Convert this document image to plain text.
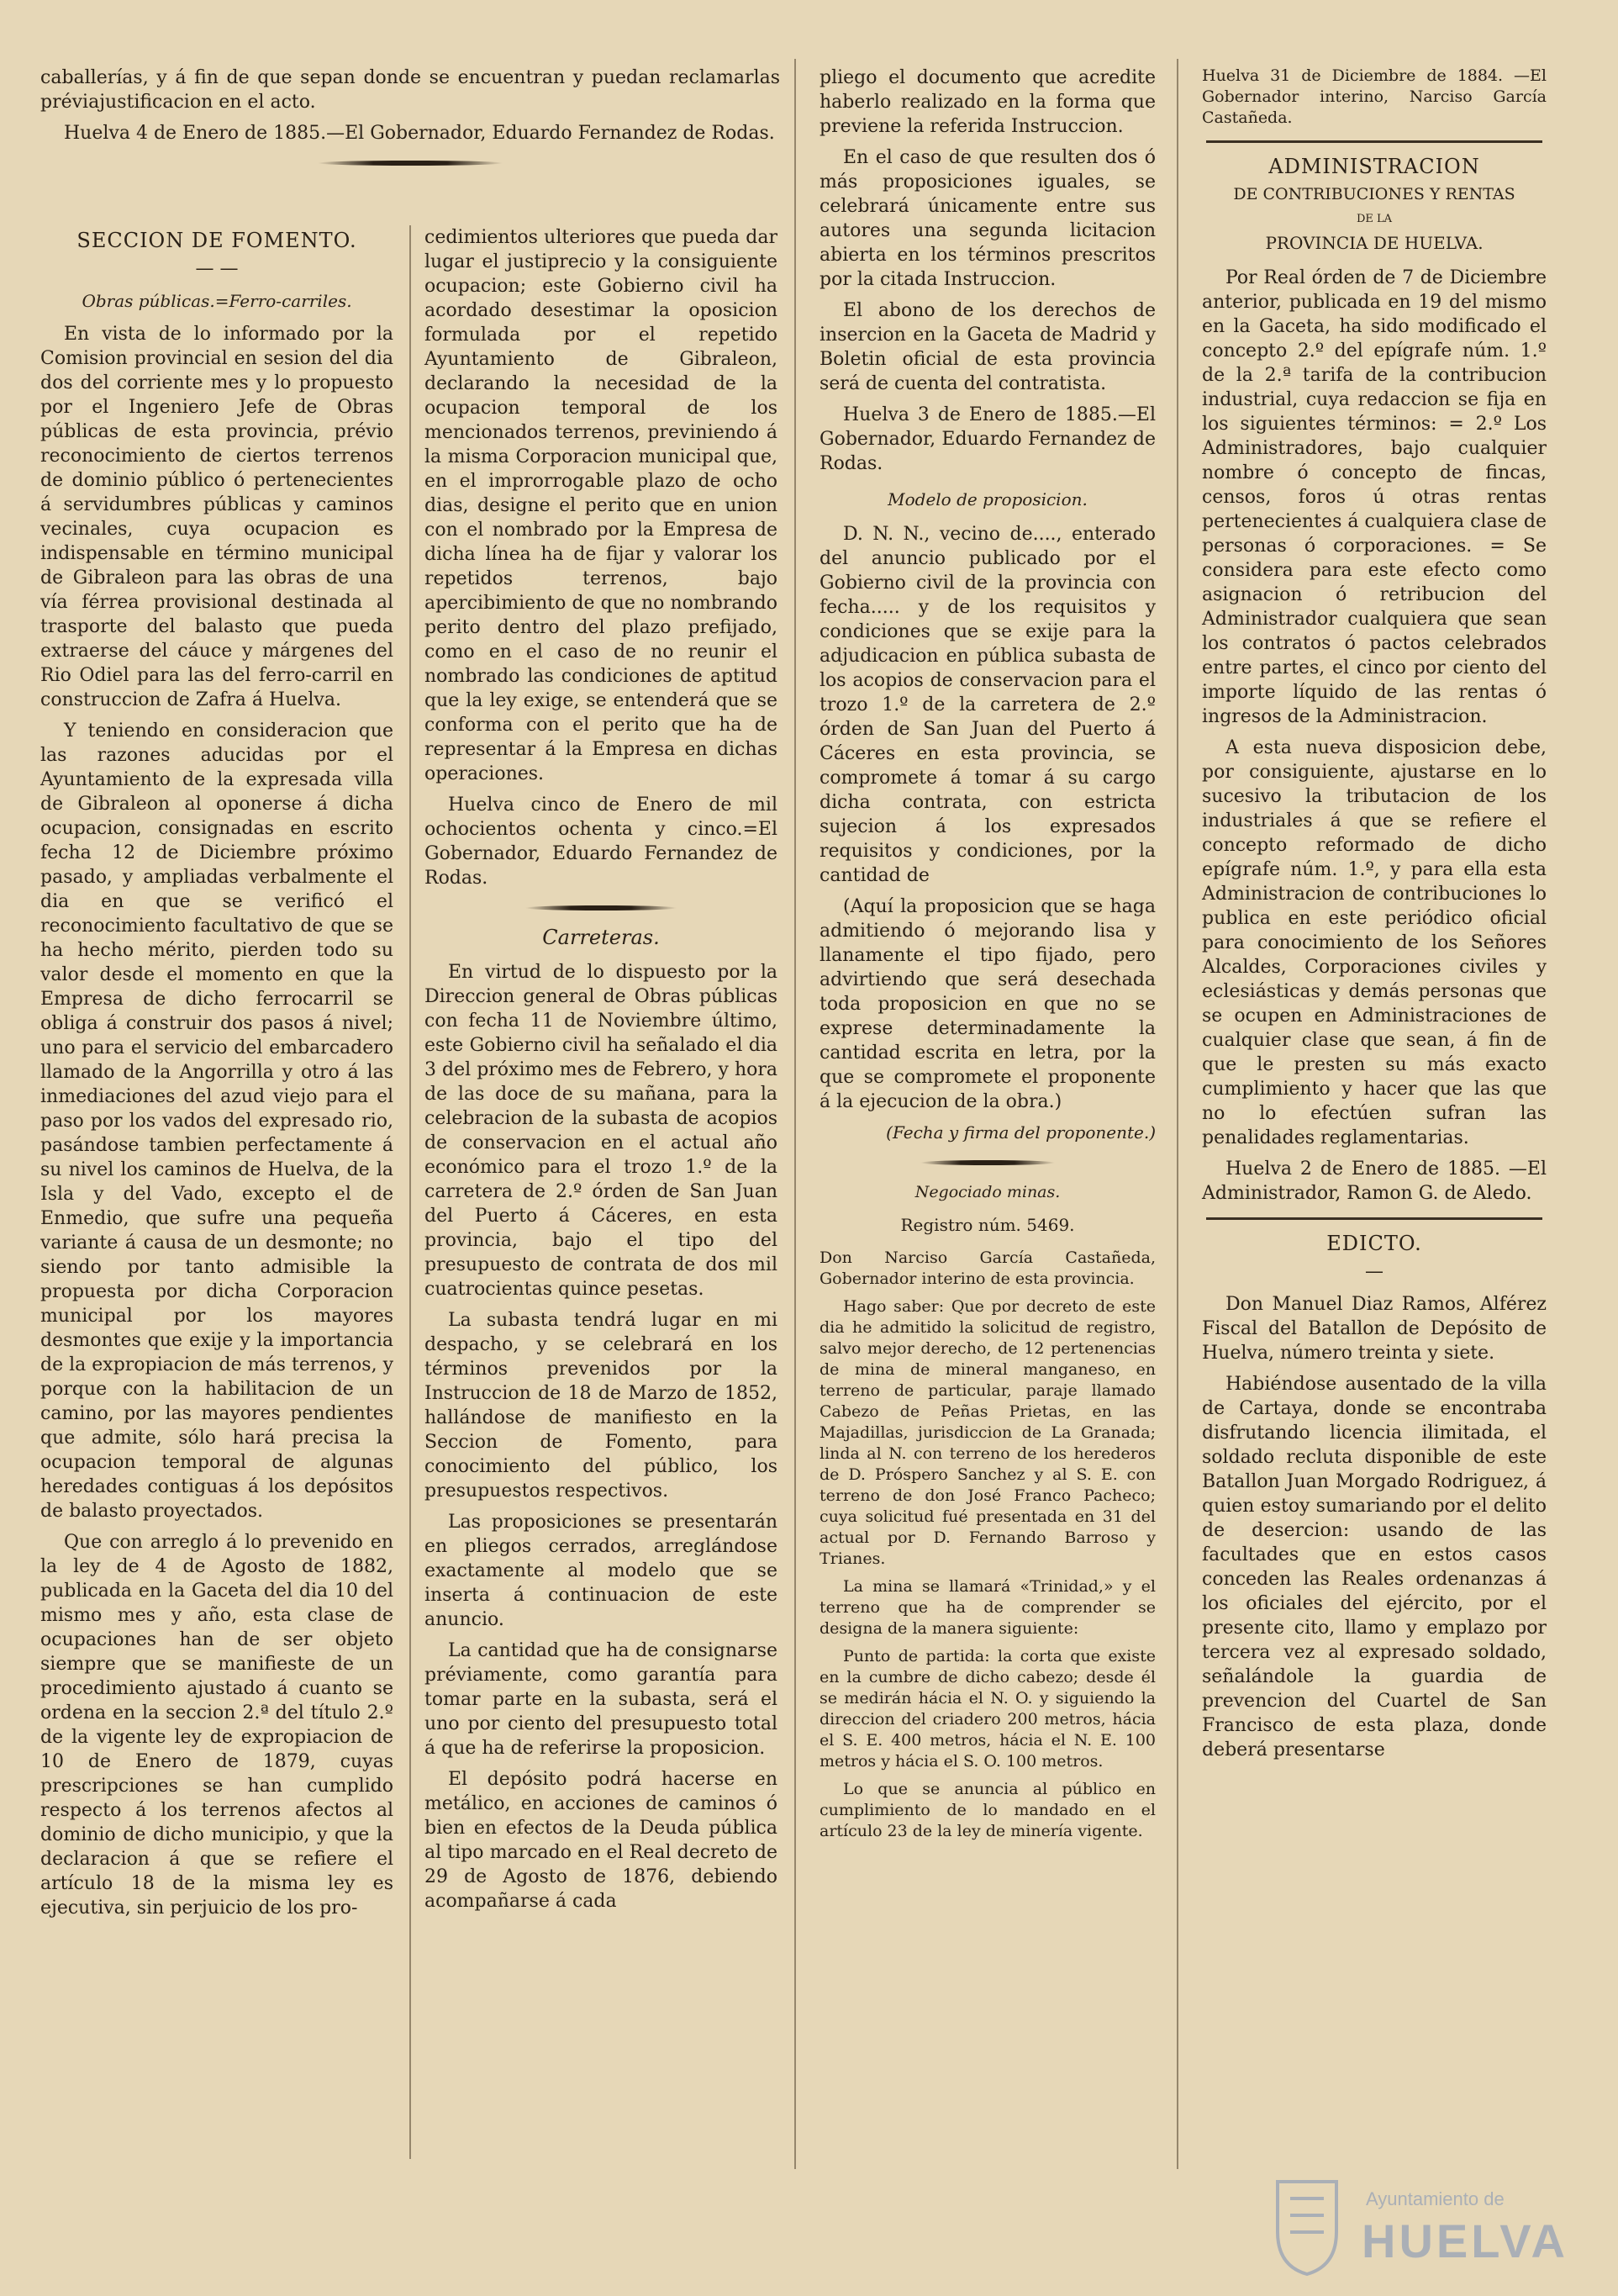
caballerías, y á fin de que sepan donde se encuentran y puedan reclamarlas préviajustificacion en el acto.

Huelva 4 de Enero de 1885.—El Gobernador, Eduardo Fernandez de Rodas.

SECCION DE FOMENTO.
— —
Obras públicas.=Ferro-carriles.

En vista de lo informado por la Comision provincial en sesion del dia dos del corriente mes y lo propuesto por el Ingeniero Jefe de Obras públicas de esta provincia, prévio reconocimiento de ciertos terrenos de dominio público ó pertenecientes á servidumbres públicas y caminos vecinales, cuya ocupacion es indispensable en término municipal de Gibraleon para las obras de una vía férrea provisional destinada al trasporte del balasto que pueda extraerse del cáuce y márgenes del Rio Odiel para las del ferro-carril en construccion de Zafra á Huelva.

Y teniendo en consideracion que las razones aducidas por el Ayuntamiento de la expresada villa de Gibraleon al oponerse á dicha ocupacion, consignadas en escrito fecha 12 de Diciembre próximo pasado, y ampliadas verbalmente el dia en que se verificó el reconocimiento facultativo de que se ha hecho mérito, pierden todo su valor desde el momento en que la Empresa de dicho ferrocarril se obliga á construir dos pasos á nivel; uno para el servicio del embarcadero llamado de la Angorrilla y otro á las inmediaciones del azud viejo para el paso por los vados del expresado rio, pasándose tambien perfectamente á su nivel los caminos de Huelva, de la Isla y del Vado, excepto el de Enmedio, que sufre una pequeña variante á causa de un desmonte; no siendo por tanto admisible la propuesta por dicha Corporacion municipal por los mayores desmontes que exije y la importancia de la expropiacion de más terrenos, y porque con la habilitacion de un camino, por las mayores pendientes que admite, sólo hará precisa la ocupacion temporal de algunas heredades contiguas á los depósitos de balasto proyectados.

Que con arreglo á lo prevenido en la ley de 4 de Agosto de 1882, publicada en la Gaceta del dia 10 del mismo mes y año, esta clase de ocupaciones han de ser objeto siempre que se manifieste de un procedimiento ajustado á cuanto se ordena en la seccion 2.ª del título 2.º de la vigente ley de expropiacion de 10 de Enero de 1879, cuyas prescripciones se han cumplido respecto á los terrenos afectos al dominio de dicho municipio, y que la declaracion á que se refiere el artículo 18 de la misma ley es ejecutiva, sin perjuicio de los pro-

cedimientos ulteriores que pueda dar lugar el justiprecio y la consiguiente ocupacion; este Gobierno civil ha acordado desestimar la oposicion formulada por el repetido Ayuntamiento de Gibraleon, declarando la necesidad de la ocupacion temporal de los mencionados terrenos, previniendo á la misma Corporacion municipal que, en el improrrogable plazo de ocho dias, designe el perito que en union con el nombrado por la Empresa de dicha línea ha de fijar y valorar los repetidos terrenos, bajo apercibimiento de que no nombrando perito dentro del plazo prefijado, como en el caso de no reunir el nombrado las condiciones de aptitud que la ley exige, se entenderá que se conforma con el perito que ha de representar á la Empresa en dichas operaciones.

Huelva cinco de Enero de mil ochocientos ochenta y cinco.=El Gobernador, Eduardo Fernandez de Rodas.

Carreteras.

En virtud de lo dispuesto por la Direccion general de Obras públicas con fecha 11 de Noviembre último, este Gobierno civil ha señalado el dia 3 del próximo mes de Febrero, y hora de las doce de su mañana, para la celebracion de la subasta de acopios de conservacion en el actual año económico para el trozo 1.º de la carretera de 2.º órden de San Juan del Puerto á Cáceres, en esta provincia, bajo el tipo del presupuesto de contrata de dos mil cuatrocientas quince pesetas.

La subasta tendrá lugar en mi despacho, y se celebrará en los términos prevenidos por la Instruccion de 18 de Marzo de 1852, hallándose de manifiesto en la Seccion de Fomento, para conocimiento del público, los presupuestos respectivos.

Las proposiciones se presentarán en pliegos cerrados, arreglándose exactamente al modelo que se inserta á continuacion de este anuncio.

La cantidad que ha de consignarse préviamente, como garantía para tomar parte en la subasta, será el uno por ciento del presupuesto total á que ha de referirse la proposicion.

El depósito podrá hacerse en metálico, en acciones de caminos ó bien en efectos de la Deuda pública al tipo marcado en el Real decreto de 29 de Agosto de 1876, debiendo acompañarse á cada

pliego el documento que acredite haberlo realizado en la forma que previene la referida Instruccion.

En el caso de que resulten dos ó más proposiciones iguales, se celebrará únicamente entre sus autores una segunda licitacion abierta en los términos prescritos por la citada Instruccion.

El abono de los derechos de insercion en la Gaceta de Madrid y Boletin oficial de esta provincia será de cuenta del contratista.

Huelva 3 de Enero de 1885.—El Gobernador, Eduardo Fernandez de Rodas.

Modelo de proposicion.

D. N. N., vecino de...., enterado del anuncio publicado por el Gobierno civil de la provincia con fecha..... y de los requisitos y condiciones que se exije para la adjudicacion en pública subasta de los acopios de conservacion para el trozo 1.º de la carretera de 2.º órden de San Juan del Puerto á Cáceres en esta provincia, se compromete á tomar á su cargo dicha contrata, con estricta sujecion á los expresados requisitos y condiciones, por la cantidad de

(Aquí la proposicion que se haga admitiendo ó mejorando lisa y llanamente el tipo fijado, pero advirtiendo que será desechada toda proposicion en que no se exprese determinadamente la cantidad escrita en letra, por la que se compromete el proponente á la ejecucion de la obra.)

(Fecha y firma del proponente.)
Negociado minas.
Registro núm. 5469.

Don Narciso García Castañeda, Gobernador interino de esta provincia.

Hago saber: Que por decreto de este dia he admitido la solicitud de registro, salvo mejor derecho, de 12 pertenencias de mina de mineral manganeso, en terreno de particular, paraje llamado Cabezo de Peñas Prietas, en las Majadillas, jurisdiccion de La Granada; linda al N. con terreno de los herederos de D. Próspero Sanchez y al S. E. con terreno de don José Franco Pacheco; cuya solicitud fué presentada en 31 del actual por D. Fernando Barroso y Trianes.

La mina se llamará «Trinidad,» y el terreno que ha de comprender se designa de la manera siguiente:

Punto de partida: la corta que existe en la cumbre de dicho cabezo; desde él se medirán hácia el N. O. y siguiendo la direccion del criadero 200 metros, hácia el S. E. 400 metros, hácia el N. E. 100 metros y hácia el S. O. 100 metros.

Lo que se anuncia al público en cumplimiento de lo mandado en el artículo 23 de la ley de minería vigente.

Huelva 31 de Diciembre de 1884. —El Gobernador interino, Narciso García Castañeda.

ADMINISTRACION
DE CONTRIBUCIONES Y RENTAS
DE LA
PROVINCIA DE HUELVA.

Por Real órden de 7 de Diciembre anterior, publicada en 19 del mismo en la Gaceta, ha sido modificado el concepto 2.º del epígrafe núm. 1.º de la 2.ª tarifa de la contribucion industrial, cuya redaccion se fija en los siguientes términos: = 2.º Los Administradores, bajo cualquier nombre ó concepto de fincas, censos, foros ú otras rentas pertenecientes á cualquiera clase de personas ó corporaciones. = Se considera para este efecto como asignacion ó retribucion del Administrador cualquiera que sean los contratos ó pactos celebrados entre partes, el cinco por ciento del importe líquido de las rentas ó ingresos de la Administracion.

A esta nueva disposicion debe, por consiguiente, ajustarse en lo sucesivo la tributacion de los industriales á que se refiere el concepto reformado de dicho epígrafe núm. 1.º, y para ella esta Administracion de contribuciones lo publica en este periódico oficial para conocimiento de los Señores Alcaldes, Corporaciones civiles y eclesiásticas y demás personas que se ocupen en Administraciones de cualquier clase que sean, á fin de que le presten su más exacto cumplimiento y hacer que las que no lo efectúen sufran las penalidades reglamentarias.

Huelva 2 de Enero de 1885. —El Administrador, Ramon G. de Aledo.

EDICTO.
—

Don Manuel Diaz Ramos, Alférez Fiscal del Batallon de Depósito de Huelva, número treinta y siete.

Habiéndose ausentado de la villa de Cartaya, donde se encontraba disfrutando licencia ilimitada, el soldado recluta disponible de este Batallon Juan Morgado Rodriguez, á quien estoy sumariando por el delito de desercion: usando de las facultades que en estos casos conceden las Reales ordenanzas á los oficiales del ejército, por el presente cito, llamo y emplazo por tercera vez al expresado soldado, señalándole la guardia de prevencion del Cuartel de San Francisco de esta plaza, donde deberá presentarse

Ayuntamiento de
HUELVA
